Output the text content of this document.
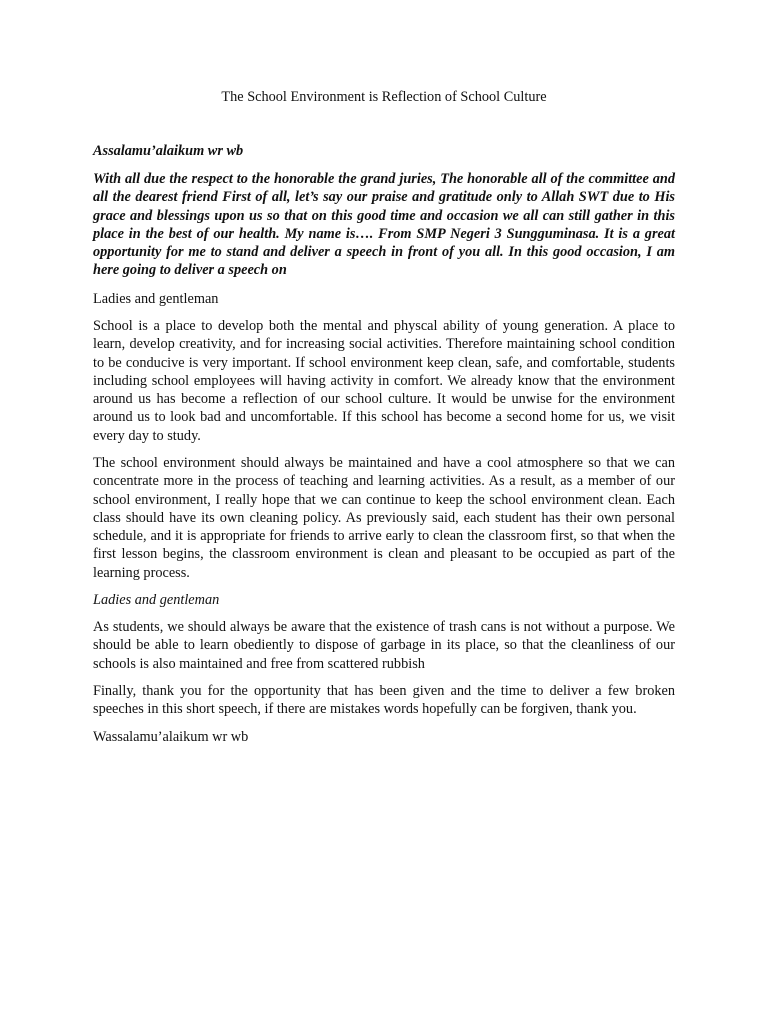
The School Environment is Reflection of School Culture

Assalamu’alaikum wr wb

With all due the respect to the honorable the grand juries, The honorable all of the committee and all the dearest friend First of all, let’s say our praise and gratitude only to Allah SWT due to His grace and blessings upon us so that on this good time and occasion we all can still gather in this place in the best of our health. My name is…. From SMP Negeri 3 Sungguminasa. It is a great opportunity for me to stand and deliver a speech in front of you all. In this good occasion, I am here going to deliver a speech on

Ladies and gentleman

School is a place to develop both the mental and physcal ability of young generation. A place to learn, develop creativity, and for increasing social activities. Therefore maintaining school condition to be conducive is very important. If school environment keep clean, safe, and comfortable, students including school employees will having activity in comfort. We already know that the environment around us has become a reflection of our school culture. It would be unwise for the environment around us to look bad and uncomfortable. If this school has become a second home for us, we visit every day to study.

The school environment should always be maintained and have a cool atmosphere so that we can concentrate more in the process of teaching and learning activities. As a result, as a member of our school environment, I really hope that we can continue to keep the school environment clean. Each class should have its own cleaning policy. As previously said, each student has their own personal schedule, and it is appropriate for friends to arrive early to clean the classroom first, so that when the first lesson begins, the classroom environment is clean and pleasant to be occupied as part of the learning process.

Ladies and gentleman

As students, we should always be aware that the existence of trash cans is not without a purpose. We should be able to learn obediently to dispose of garbage in its place, so that the cleanliness of our schools is also maintained and free from scattered rubbish

Finally, thank you for the opportunity that has been given and the time to deliver a few broken speeches in this short speech, if there are mistakes words hopefully can be forgiven, thank you.

Wassalamu’alaikum wr wb
